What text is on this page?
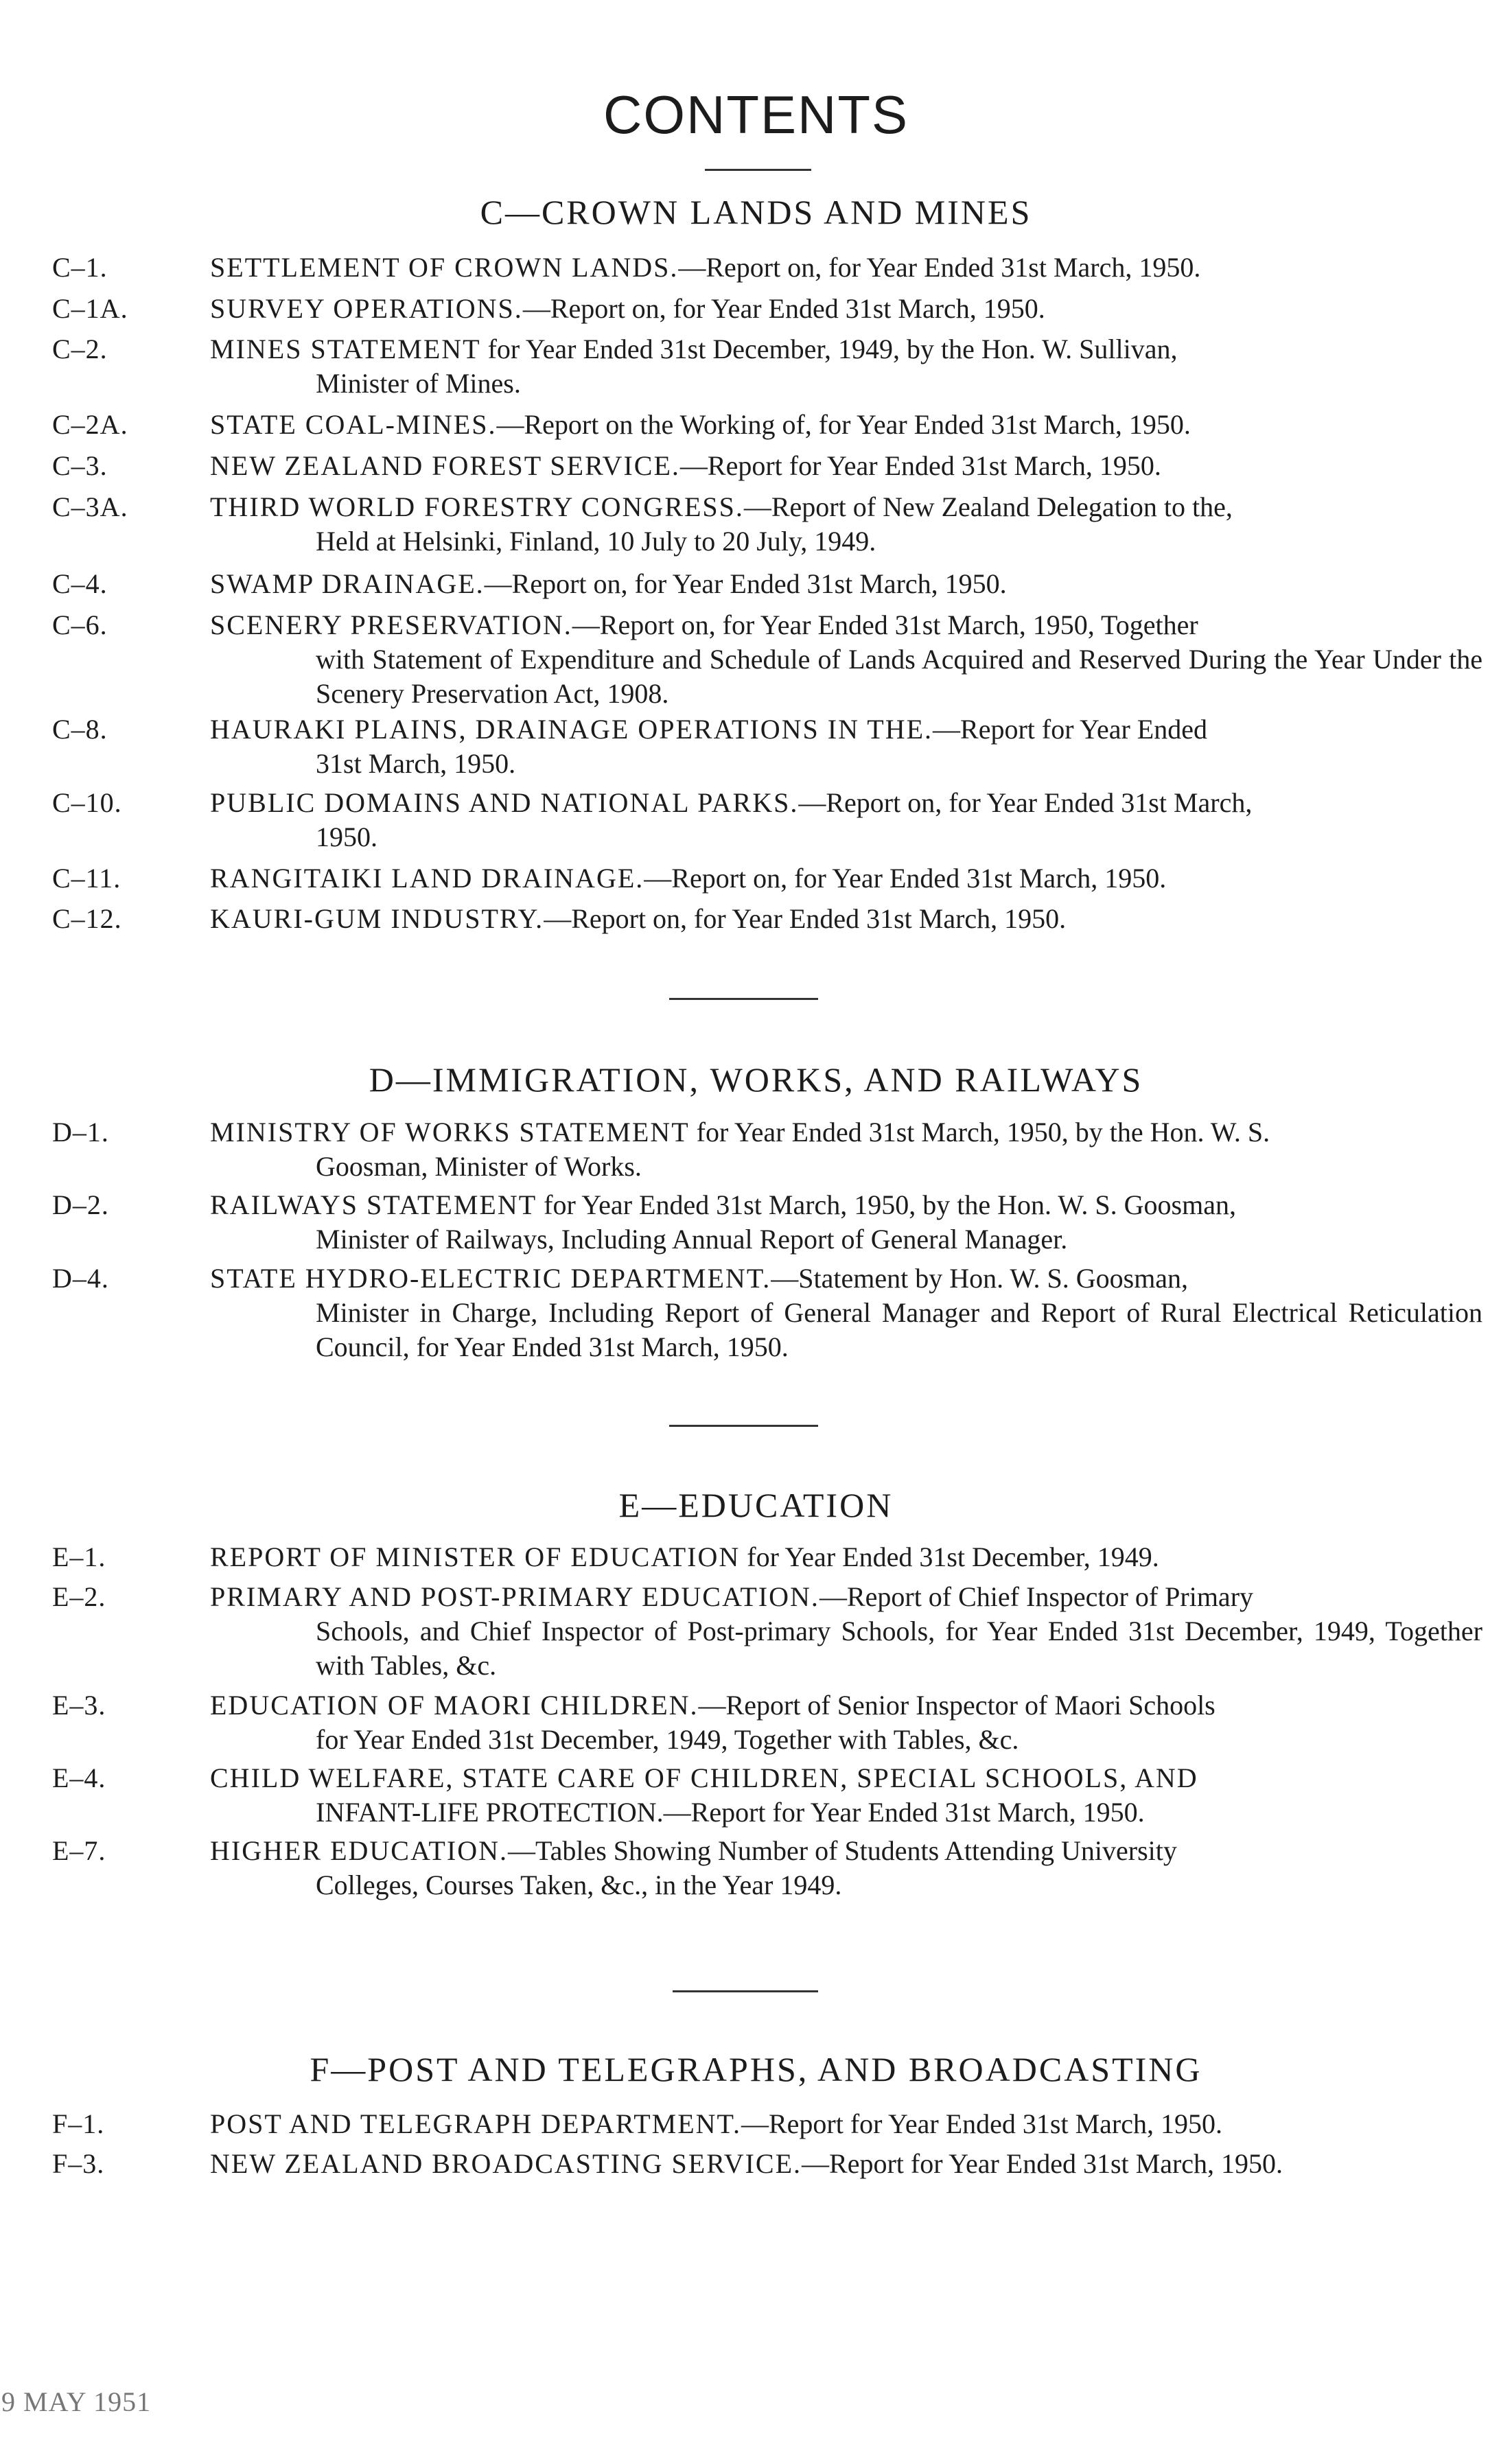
CONTENTS
C—CROWN LANDS AND MINES
C–1.	SETTLEMENT OF CROWN LANDS.—Report on, for Year Ended 31st March, 1950.
C–1A.	SURVEY OPERATIONS.—Report on, for Year Ended 31st March, 1950.
C–2.	MINES STATEMENT for Year Ended 31st December, 1949, by the Hon. W. Sullivan,
Minister of Mines.
C–2A.	STATE COAL-MINES.—Report on the Working of, for Year Ended 31st March, 1950.
C–3.	NEW ZEALAND FOREST SERVICE.—Report for Year Ended 31st March, 1950.
C–3A.	THIRD WORLD FORESTRY CONGRESS.—Report of New Zealand Delegation to the,
Held at Helsinki, Finland, 10 July to 20 July, 1949.
C–4.	SWAMP DRAINAGE.—Report on, for Year Ended 31st March, 1950.
C–6.	SCENERY PRESERVATION.—Report on, for Year Ended 31st March, 1950, Together
with Statement of Expenditure and Schedule of Lands Acquired and Reserved During the Year Under the Scenery Preservation Act, 1908.
C–8.	HAURAKI PLAINS, DRAINAGE OPERATIONS IN THE.—Report for Year Ended
31st March, 1950.
C–10.	PUBLIC DOMAINS AND NATIONAL PARKS.—Report on, for Year Ended 31st March,
1950.
C–11.	RANGITAIKI LAND DRAINAGE.—Report on, for Year Ended 31st March, 1950.
C–12.	KAURI-GUM INDUSTRY.—Report on, for Year Ended 31st March, 1950.
D—IMMIGRATION, WORKS, AND RAILWAYS
D–1.	MINISTRY OF WORKS STATEMENT for Year Ended 31st March, 1950, by the Hon. W. S.
Goosman, Minister of Works.
D–2.	RAILWAYS STATEMENT for Year Ended 31st March, 1950, by the Hon. W. S. Goosman,
Minister of Railways, Including Annual Report of General Manager.
D–4.	STATE HYDRO-ELECTRIC DEPARTMENT.—Statement by Hon. W. S. Goosman,
Minister in Charge, Including Report of General Manager and Report of Rural Electrical Reticulation Council, for Year Ended 31st March, 1950.
E—EDUCATION
E–1.	REPORT OF MINISTER OF EDUCATION for Year Ended 31st December, 1949.
E–2.	PRIMARY AND POST-PRIMARY EDUCATION.—Report of Chief Inspector of Primary
Schools, and Chief Inspector of Post-primary Schools, for Year Ended 31st December, 1949, Together with Tables, &c.
E–3.	EDUCATION OF MAORI CHILDREN.—Report of Senior Inspector of Maori Schools
for Year Ended 31st December, 1949, Together with Tables, &c.
E–4.	CHILD WELFARE, STATE CARE OF CHILDREN, SPECIAL SCHOOLS, AND
INFANT-LIFE PROTECTION.—Report for Year Ended 31st March, 1950.
E–7.	HIGHER EDUCATION.—Tables Showing Number of Students Attending University
Colleges, Courses Taken, &c., in the Year 1949.
F—POST AND TELEGRAPHS, AND BROADCASTING
F–1.	POST AND TELEGRAPH DEPARTMENT.—Report for Year Ended 31st March, 1950.
F–3.	NEW ZEALAND BROADCASTING SERVICE.—Report for Year Ended 31st March, 1950.
9 MAY 1951
